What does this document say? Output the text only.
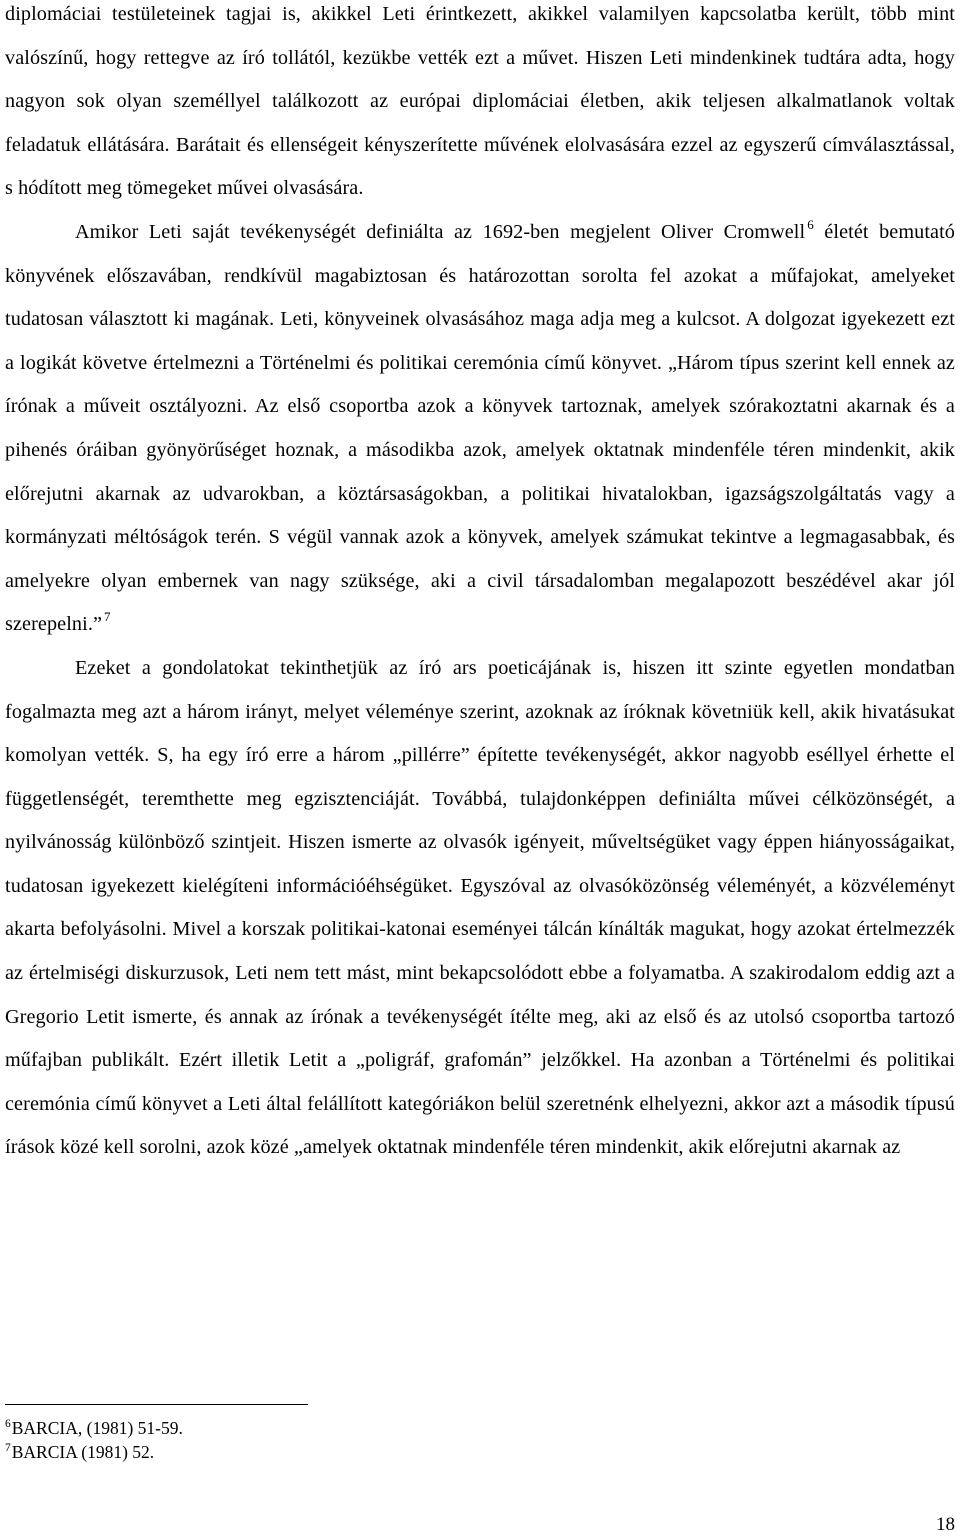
diplomáciai testületeinek tagjai is, akikkel Leti érintkezett, akikkel valamilyen kapcsolatba került, több mint valószínű, hogy rettegve az író tollától, kezükbe vették ezt a művet. Hiszen Leti mindenkinek tudtára adta, hogy nagyon sok olyan személlyel találkozott az európai diplomáciai életben, akik teljesen alkalmatlanok voltak feladatuk ellátására. Barátait és ellenségeit kényszerítette művének elolvasására ezzel az egyszerű címválasztással, s hódított meg tömegeket művei olvasására.

Amikor Leti saját tevékenységét definiálta az 1692-ben megjelent Oliver Cromwell $^6$ életét bemutató könyvének előszavában, rendkívül magabiztosan és határozottan sorolta fel azokat a műfajokat, amelyeket tudatosan választott ki magának. Leti, könyveinek olvasásához maga adja meg a kulcsot. A dolgozat igyekezett ezt a logikát követve értelmezni a Történelmi és politikai ceremónia című könyvet. „Három típus szerint kell ennek az írónak a műveit osztályozni. Az első csoportba azok a könyvek tartoznak, amelyek szórakoztatni akarnak és a pihenés óráiban gyönyörűséget hoznak, a másodikba azok, amelyek oktatnak mindenféle téren mindenkit, akik előrejutni akarnak az udvarokban, a köztársaságokban, a politikai hivatalokban, igazságszolgáltatás vagy a kormányzati méltóságok terén. S végül vannak azok a könyvek, amelyek számukat tekintve a legmagasabbak, és amelyekre olyan embernek van nagy szüksége, aki a civil társadalomban megalapozott beszédével akar jól szerepelni.” $^7$

Ezeket a gondolatokat tekinthetjük az író ars poeticájának is, hiszen itt szinte egyetlen mondatban fogalmazta meg azt a három irányt, melyet véleménye szerint, azoknak az íróknak követniük kell, akik hivatásukat komolyan vették. S, ha egy író erre a három „pillérre” építette tevékenységét, akkor nagyobb eséllyel érhette el függetlenségét, teremthette meg egzisztenciáját. Továbbá, tulajdonképpen definiálta művei célközönségét, a nyilvánosság különböző szintjeit. Hiszen ismerte az olvasók igényeit, műveltségüket vagy éppen hiányosságaikat, tudatosan igyekezett kielégíteni információéhségüket. Egyszóval az olvasóközönség véleményét, a közvéleményt akarta befolyásolni. Mivel a korszak politikai-katonai eseményei tálcán kínálták magukat, hogy azokat értelmezzék az értelmiségi diskurzusok, Leti nem tett mást, mint bekapcsolódott ebbe a folyamatba. A szakirodalom eddig azt a Gregorio Letit ismerte, és annak az írónak a tevékenységét ítélte meg, aki az első és az utolsó csoportba tartozó műfajban publikált. Ezért illetik Letit a „poligráf, grafomán” jelzőkkel. Ha azonban a Történelmi és politikai ceremónia című könyvet a Leti által felállított kategóriákon belül szeretnénk elhelyezni, akkor azt a második típusú írások közé kell sorolni, azok közé „amelyek oktatnak mindenféle téren mindenkit, akik előrejutni akarnak az

$^6$BARCIA, (1981) 51-59.
$^7$BARCIA (1981) 52.
18
